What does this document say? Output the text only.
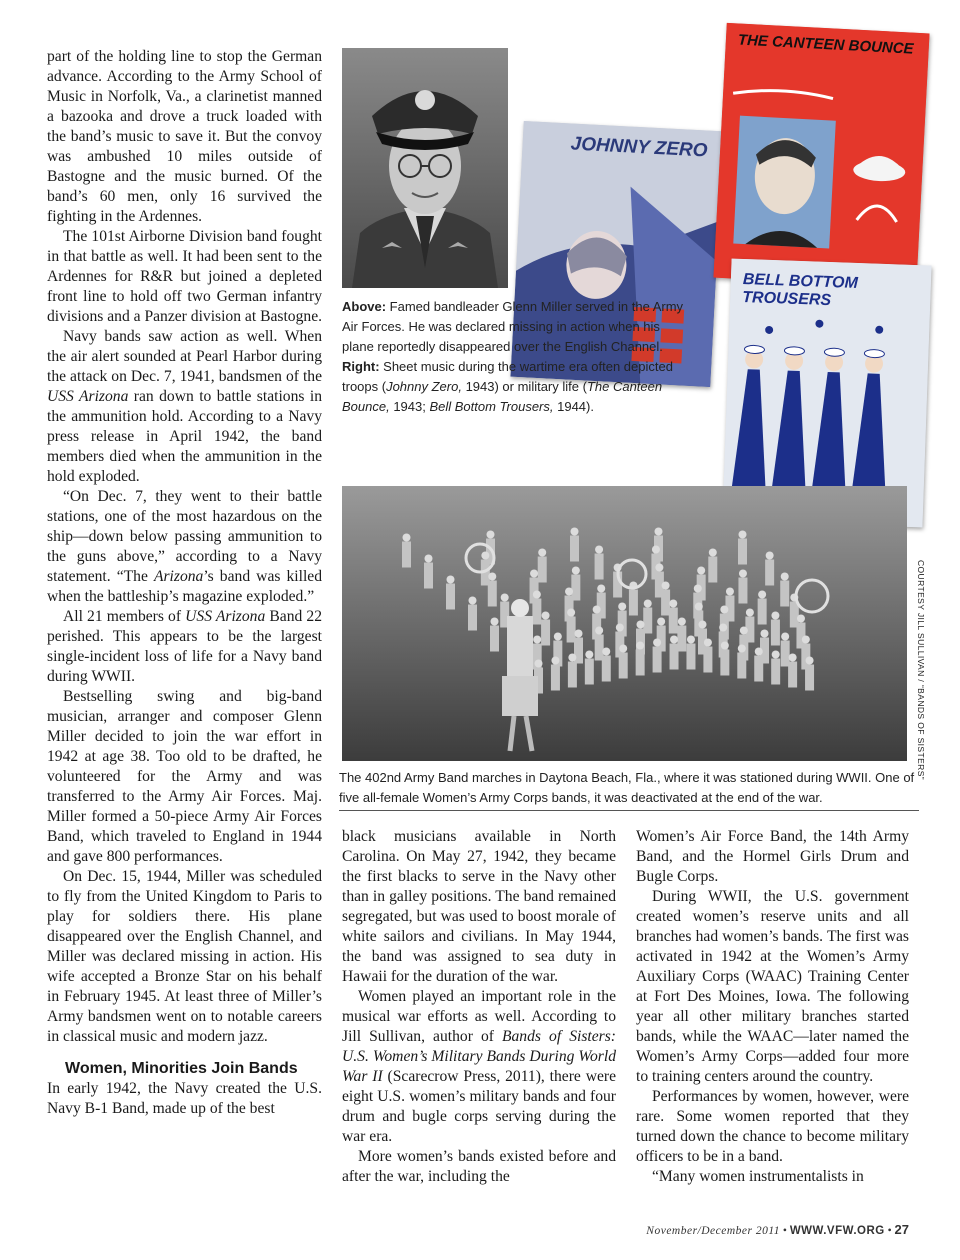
part of the holding line to stop the German advance. According to the Army School of Music in Norfolk, Va., a clarinetist manned a bazooka and drove a truck loaded with the band’s music to save it. But the convoy was ambushed 10 miles outside of Bastogne and the music burned. Of the band’s 60 men, only 16 survived the fighting in the Ardennes.

The 101st Airborne Division band fought in that battle as well. It had been sent to the Ardennes for R&R but joined a depleted front line to hold off two German infantry divisions and a Panzer division at Bastogne.

Navy bands saw action as well. When the air alert sounded at Pearl Harbor during the attack on Dec. 7, 1941, bandsmen of the USS Arizona ran down to battle stations in the ammunition hold. According to a Navy press release in April 1942, the band members died when the ammunition in the hold exploded.

“On Dec. 7, they went to their battle stations, one of the most hazardous on the ship—down below passing ammunition to the guns above,” according to a Navy statement. “The Arizona’s band was killed when the battleship’s magazine exploded.”

All 21 members of USS Arizona Band 22 perished. This appears to be the largest single-incident loss of life for a Navy band during WWII.

Bestselling swing and big-band musician, arranger and composer Glenn Miller decided to join the war effort in 1942 at age 38. Too old to be drafted, he volunteered for the Army and was transferred to the Army Air Forces. Maj. Miller formed a 50-piece Army Air Forces Band, which traveled to England in 1944 and gave 800 performances.

On Dec. 15, 1944, Miller was scheduled to fly from the United Kingdom to Paris to play for soldiers there. His plane disappeared over the English Channel, and Miller was declared missing in action. His wife accepted a Bronze Star on his behalf in February 1945. At least three of Miller’s Army bandsmen went on to notable careers in classical music and modern jazz.

Women, Minorities Join Bands

In early 1942, the Navy created the U.S. Navy B-1 Band, made up of the best

black musicians available in North Carolina. On May 27, 1942, they became the first blacks to serve in the Navy other than in galley positions. The band remained segregated, but was used to boost morale of white sailors and civilians. In May 1944, the band was assigned to sea duty in Hawaii for the duration of the war.

Women played an important role in the musical war efforts as well. According to Jill Sullivan, author of Bands of Sisters: U.S. Women’s Military Bands During World War II (Scarecrow Press, 2011), there were eight U.S. women’s military bands and four drum and bugle corps serving during the war era.

More women’s bands existed before and after the war, including the

Women’s Air Force Band, the 14th Army Band, and the Hormel Girls Drum and Bugle Corps.

During WWII, the U.S. government created women’s reserve units and all branches had women’s bands. The first was activated in 1942 at the Women’s Army Auxiliary Corps (WAAC) Training Center at Fort Des Moines, Iowa. The following year all other military branches started bands, while the WAAC—later named the Women’s Army Corps—added four more to training centers around the country.

Performances by women, however, were rare. Some women reported that they turned down the chance to become military officers to be in a band.

“Many women instrumentalists in

JOHNNY ZERO
THE CANTEEN BOUNCE
BELL BOTTOM TROUSERS
Above: Famed bandleader Glenn Miller served in the Army Air Forces. He was declared missing in action when his plane reportedly disappeared over the English Channel.
Right: Sheet music during the wartime era often depicted troops (Johnny Zero, 1943) or military life (The Canteen Bounce, 1943; Bell Bottom Trousers, 1944).
COURTESY JILL SULLIVAN / “BANDS OF SISTERS”
The 402nd Army Band marches in Daytona Beach, Fla., where it was stationed during WWII. One of five all-female Women’s Army Corps bands, it was deactivated at the end of the war.
November/December 2011 • WWW.VFW.ORG • 27
